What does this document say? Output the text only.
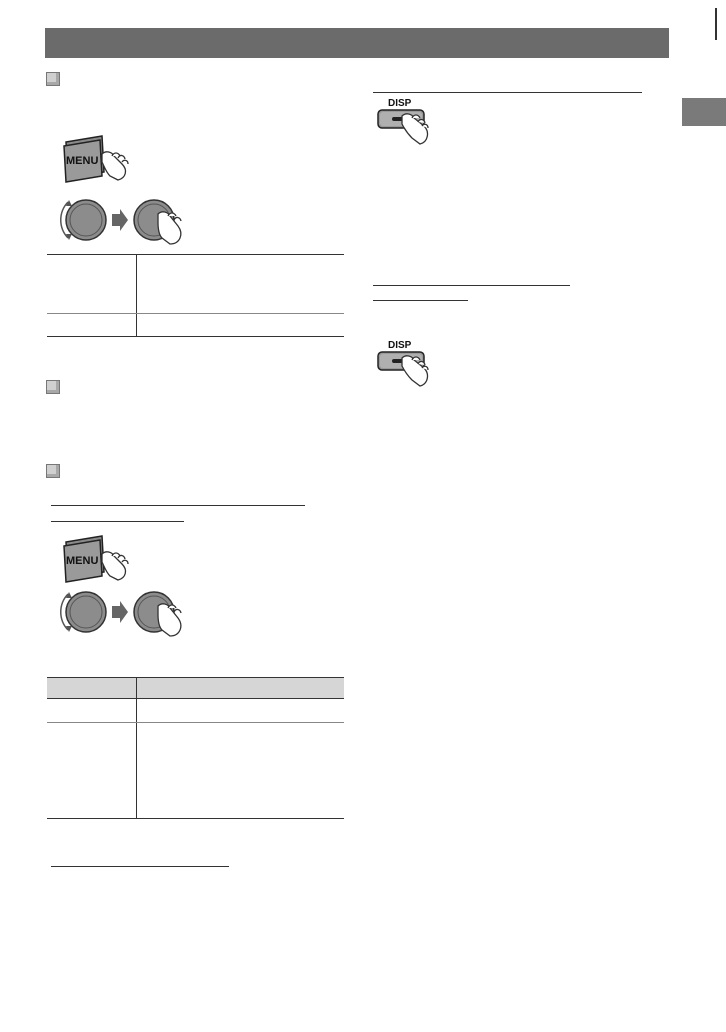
MENU
MENU
DISP
DISP
